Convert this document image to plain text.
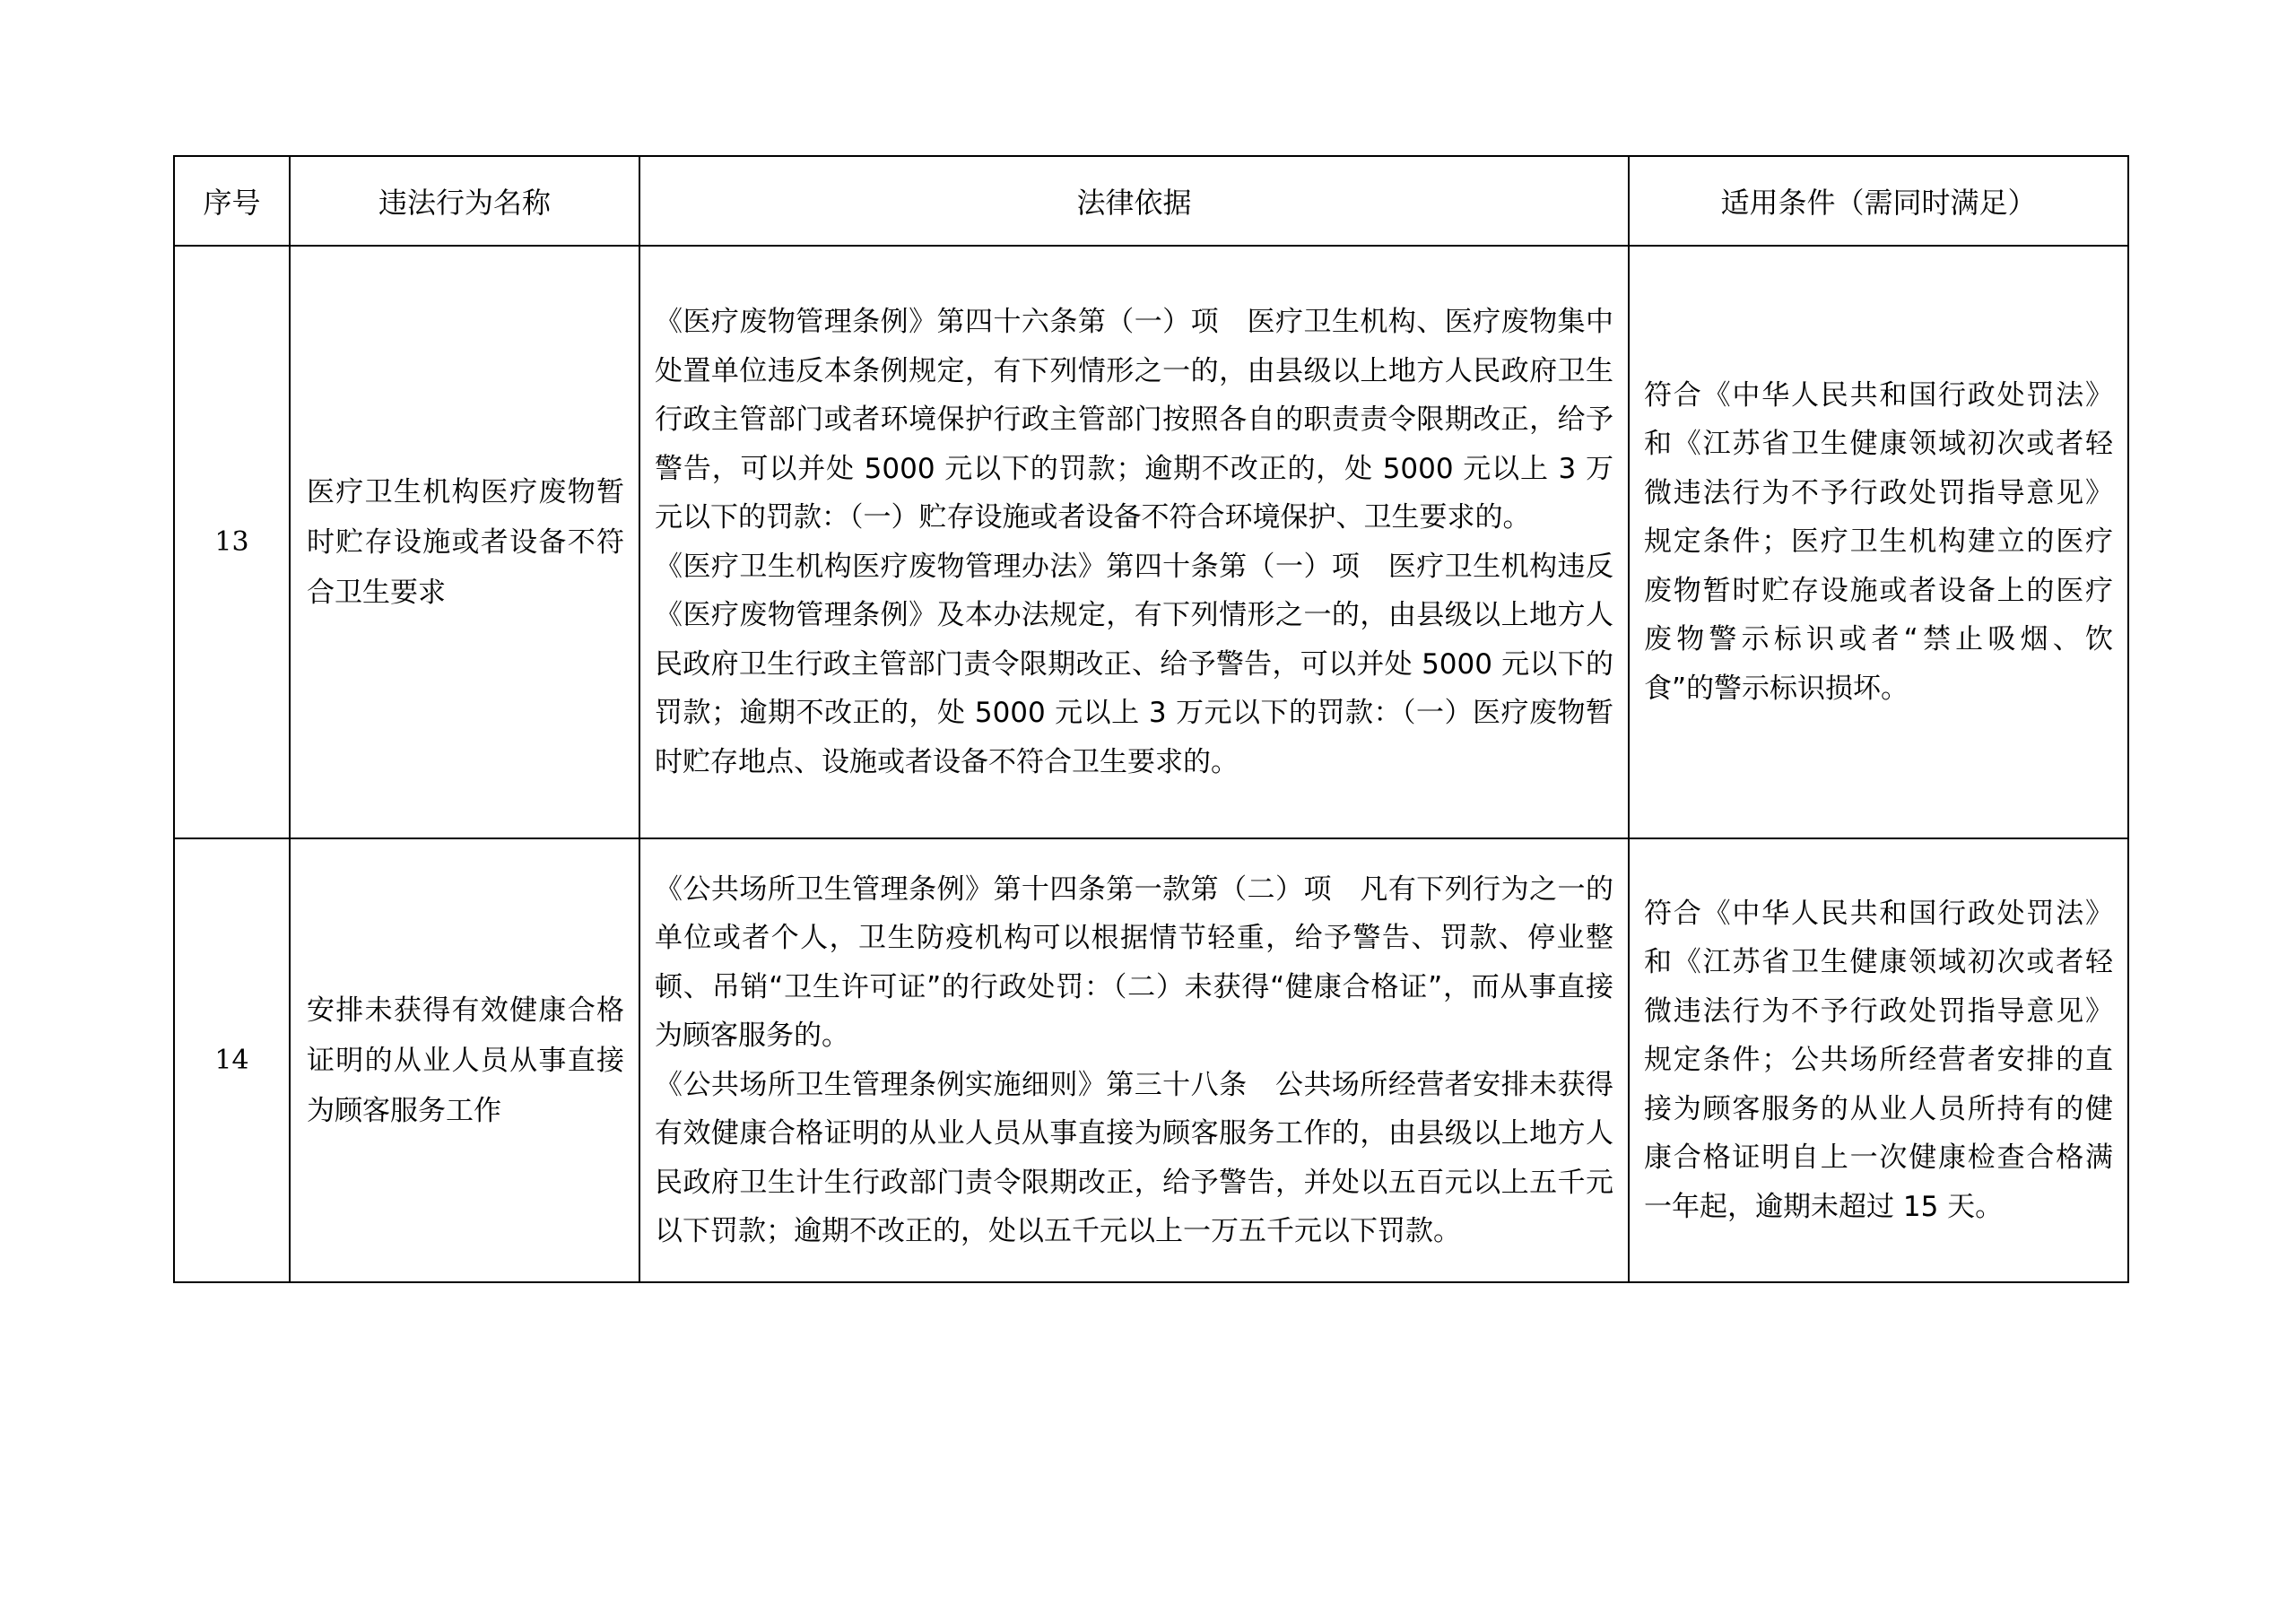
序号	违法行为名称	法律依据	适用条件（需同时满足）
13	医疗卫生机构医疗废物暂时贮存设施或者设备不符合卫生要求	《医疗废物管理条例》第四十六条第（一）项　医疗卫生机构、医疗废物集中处置单位违反本条例规定，有下列情形之一的，由县级以上地方人民政府卫生行政主管部门或者环境保护行政主管部门按照各自的职责责令限期改正，给予警告，可以并处 5000 元以下的罚款；逾期不改正的，处 5000 元以上 3 万元以下的罚款：（一）贮存设施或者设备不符合环境保护、卫生要求的。
《医疗卫生机构医疗废物管理办法》第四十条第（一）项　医疗卫生机构违反《医疗废物管理条例》及本办法规定，有下列情形之一的，由县级以上地方人民政府卫生行政主管部门责令限期改正、给予警告，可以并处 5000 元以下的罚款；逾期不改正的，处 5000 元以上 3 万元以下的罚款：（一）医疗废物暂时贮存地点、设施或者设备不符合卫生要求的。	符合《中华人民共和国行政处罚法》和《江苏省卫生健康领域初次或者轻微违法行为不予行政处罚指导意见》规定条件；医疗卫生机构建立的医疗废物暂时贮存设施或者设备上的医疗废物警示标识或者“禁止吸烟、饮食”的警示标识损坏。
14	安排未获得有效健康合格证明的从业人员从事直接为顾客服务工作	《公共场所卫生管理条例》第十四条第一款第（二）项　凡有下列行为之一的单位或者个人，卫生防疫机构可以根据情节轻重，给予警告、罚款、停业整顿、吊销“卫生许可证”的行政处罚：（二）未获得“健康合格证”，而从事直接为顾客服务的。
《公共场所卫生管理条例实施细则》第三十八条　公共场所经营者安排未获得有效健康合格证明的从业人员从事直接为顾客服务工作的，由县级以上地方人民政府卫生计生行政部门责令限期改正，给予警告，并处以五百元以上五千元以下罚款；逾期不改正的，处以五千元以上一万五千元以下罚款。	符合《中华人民共和国行政处罚法》和《江苏省卫生健康领域初次或者轻微违法行为不予行政处罚指导意见》规定条件；公共场所经营者安排的直接为顾客服务的从业人员所持有的健康合格证明自上一次健康检查合格满一年起，逾期未超过 15 天。
